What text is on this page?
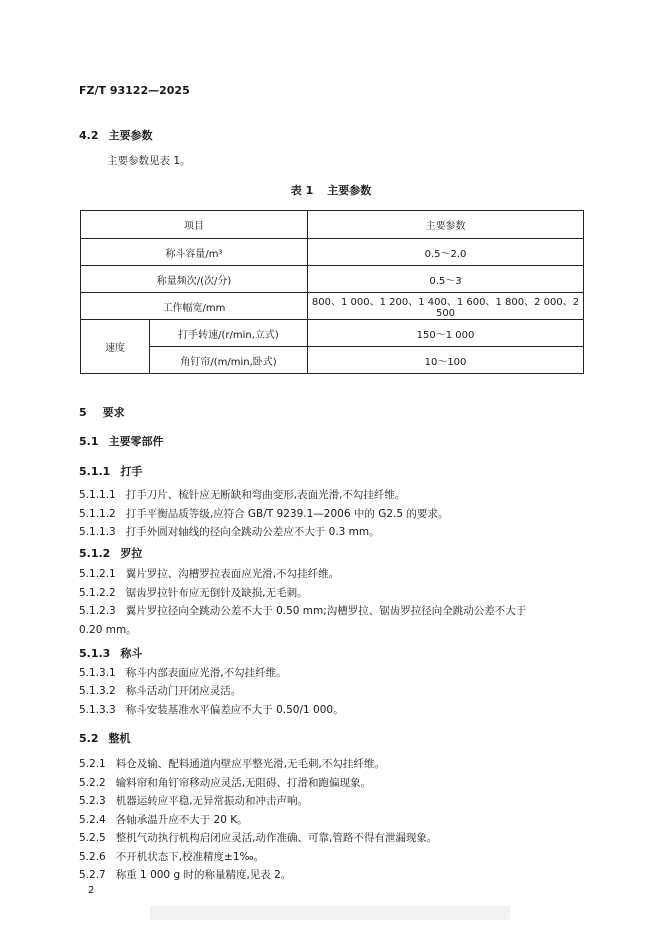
FZ/T 93122—2025
4.2 主要参数
主要参数见表 1。
表 1 主要参数
项目		主要参数
称斗容量/m³		0.5～2.0
称量频次/(次/分)		0.5～3
工作幅宽/mm		800、1 000、1 200、1 400、1 600、1 800、2 000、2 500
速度	打手转速/(r/min,立式)	150～1 000
	角钉帘/(m/min,卧式)	10～100
5 要求
5.1 主要零部件
5.1.1 打手
5.1.1.1 打手刀片、梳针应无断缺和弯曲变形,表面光滑,不勾挂纤维。
5.1.1.2 打手平衡品质等级,应符合 GB/T 9239.1—2006 中的 G2.5 的要求。
5.1.1.3 打手外圆对轴线的径向全跳动公差应不大于 0.3 mm。
5.1.2 罗拉
5.1.2.1 翼片罗拉、沟槽罗拉表面应光滑,不勾挂纤维。
5.1.2.2 锯齿罗拉针布应无倒针及缺损,无毛刺。
5.1.2.3 翼片罗拉径向全跳动公差不大于 0.50 mm;沟槽罗拉、锯齿罗拉径向全跳动公差不大于
0.20 mm。
5.1.3 称斗
5.1.3.1 称斗内部表面应光滑,不勾挂纤维。
5.1.3.2 称斗活动门开闭应灵活。
5.1.3.3 称斗安装基准水平偏差应不大于 0.50/1 000。
5.2 整机
5.2.1 料仓及输、配料通道内壁应平整光滑,无毛刺,不勾挂纤维。
5.2.2 输料帘和角钉帘移动应灵活,无阻碍、打滑和跑偏现象。
5.2.3 机器运转应平稳,无异常振动和冲击声响。
5.2.4 各轴承温升应不大于 20 K。
5.2.5 整机气动执行机构启闭应灵活,动作准确、可靠,管路不得有泄漏现象。
5.2.6 不开机状态下,校准精度±1‰。
5.2.7 称重 1 000 g 时的称量精度,见表 2。
2
